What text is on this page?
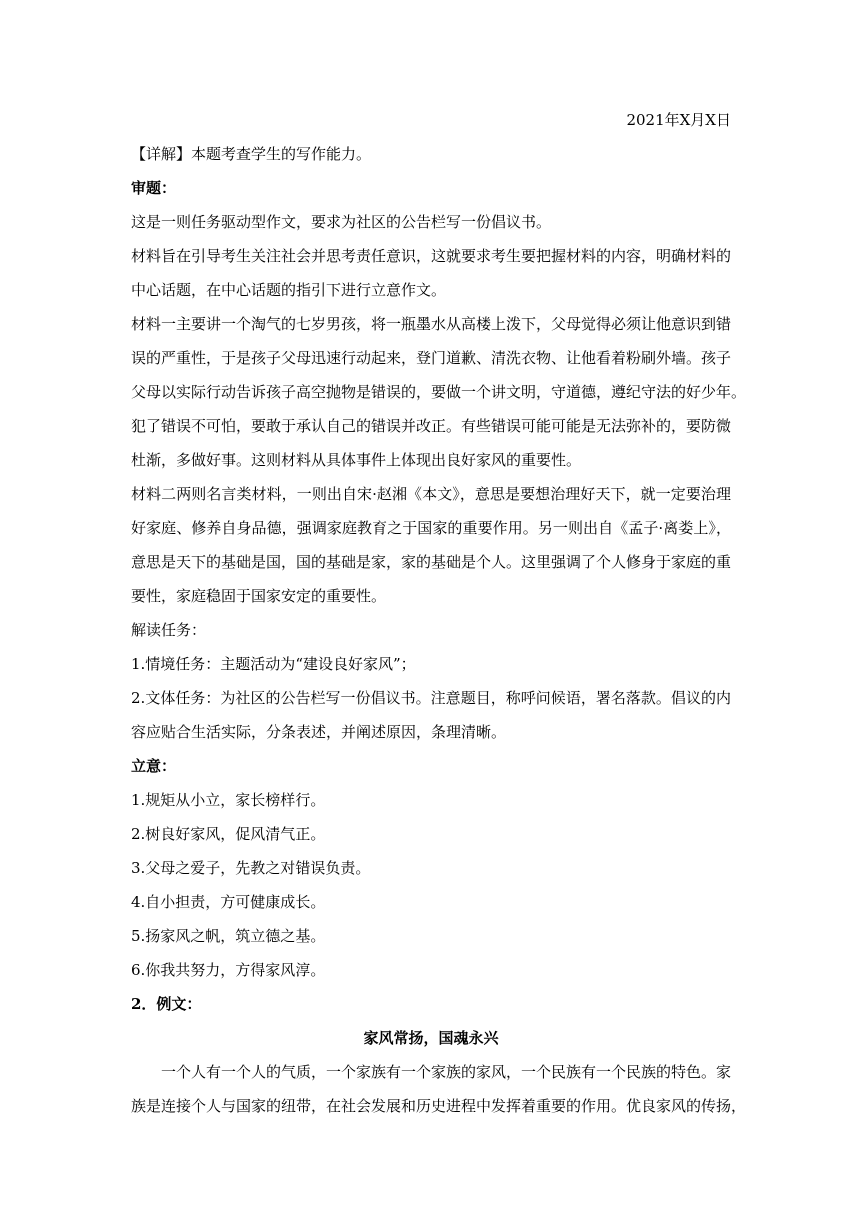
2021年X月X日
【详解】本题考查学生的写作能力。
审题：
这是一则任务驱动型作文，要求为社区的公告栏写一份倡议书。
材料旨在引导考生关注社会并思考责任意识，这就要求考生要把握材料的内容，明确材料的
中心话题，在中心话题的指引下进行立意作文。
材料一主要讲一个淘气的七岁男孩，将一瓶墨水从高楼上泼下，父母觉得必须让他意识到错
误的严重性，于是孩子父母迅速行动起来，登门道歉、清洗衣物、让他看着粉刷外墙。孩子
父母以实际行动告诉孩子高空抛物是错误的，要做一个讲文明，守道德，遵纪守法的好少年。
犯了错误不可怕，要敢于承认自己的错误并改正。有些错误可能可能是无法弥补的，要防微
杜渐，多做好事。这则材料从具体事件上体现出良好家风的重要性。
材料二两则名言类材料，一则出自宋·赵湘《本文》，意思是要想治理好天下，就一定要治理
好家庭、修养自身品德，强调家庭教育之于国家的重要作用。另一则出自《孟子·离娄上》，
意思是天下的基础是国，国的基础是家，家的基础是个人。这里强调了个人修身于家庭的重
要性，家庭稳固于国家安定的重要性。
解读任务：
1.情境任务：主题活动为“建设良好家风”；
2.文体任务：为社区的公告栏写一份倡议书。注意题目，称呼问候语，署名落款。倡议的内
容应贴合生活实际，分条表述，并阐述原因，条理清晰。
立意：
1.规矩从小立，家长榜样行。
2.树良好家风，促风清气正。
3.父母之爱子，先教之对错误负责。
4.自小担责，方可健康成长。
5.扬家风之帆，筑立德之基。
6.你我共努力，方得家风淳。
2．例文：
家风常扬，国魂永兴
一个人有一个人的气质，一个家族有一个家族的家风，一个民族有一个民族的特色。家
族是连接个人与国家的纽带，在社会发展和历史进程中发挥着重要的作用。优良家风的传扬，
